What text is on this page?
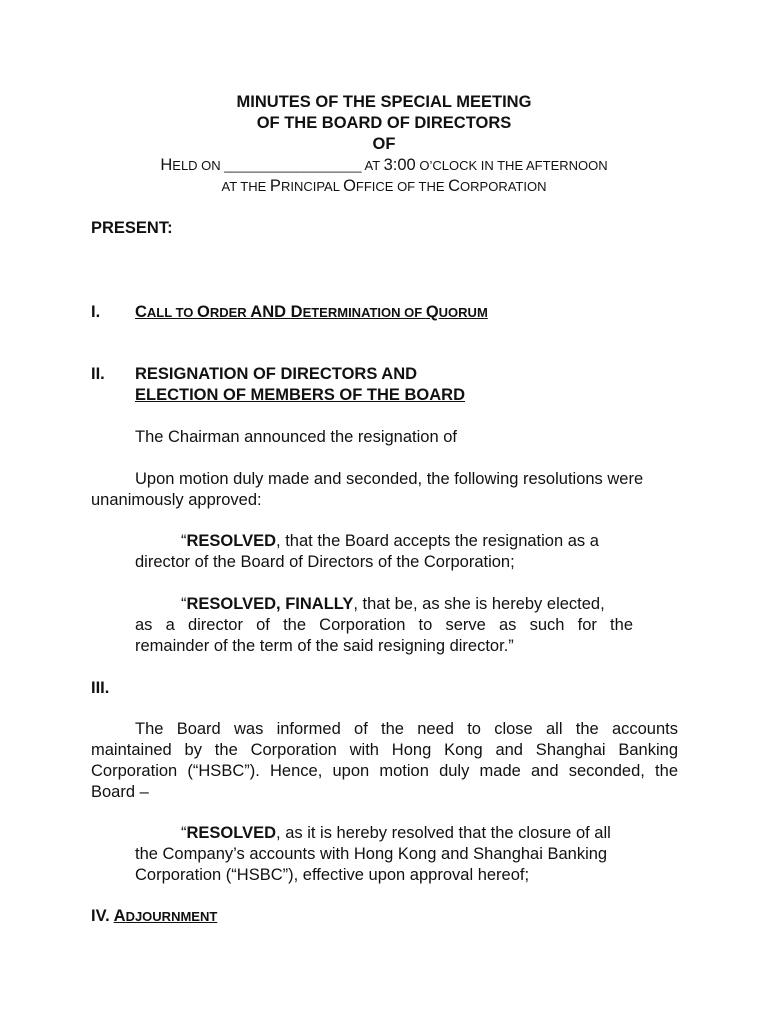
MINUTES OF THE SPECIAL MEETING
OF THE BOARD OF DIRECTORS
OF
HELD ON ___________________ AT 3:00 O’CLOCK IN THE AFTERNOON
AT THE PRINCIPAL OFFICE OF THE CORPORATION
PRESENT:
I. CALL TO ORDER AND DETERMINATION OF QUORUM
II. RESIGNATION OF DIRECTORS AND
ELECTION OF MEMBERS OF THE BOARD
The Chairman announced the resignation of
Upon motion duly made and seconded, the following resolutions were
unanimously approved:
“RESOLVED, that the Board accepts the resignation as a
director of the Board of Directors of the Corporation;
“RESOLVED, FINALLY, that be, as she is hereby elected,
as a director of the Corporation to serve as such for the
remainder of the term of the said resigning director.”
III.
The Board was informed of the need to close all the accounts
maintained by the Corporation with Hong Kong and Shanghai Banking
Corporation (“HSBC”). Hence, upon motion duly made and seconded, the
Board –
“RESOLVED, as it is hereby resolved that the closure of all
the Company’s accounts with Hong Kong and Shanghai Banking
Corporation (“HSBC”), effective upon approval hereof;
IV. ADJOURNMENT
